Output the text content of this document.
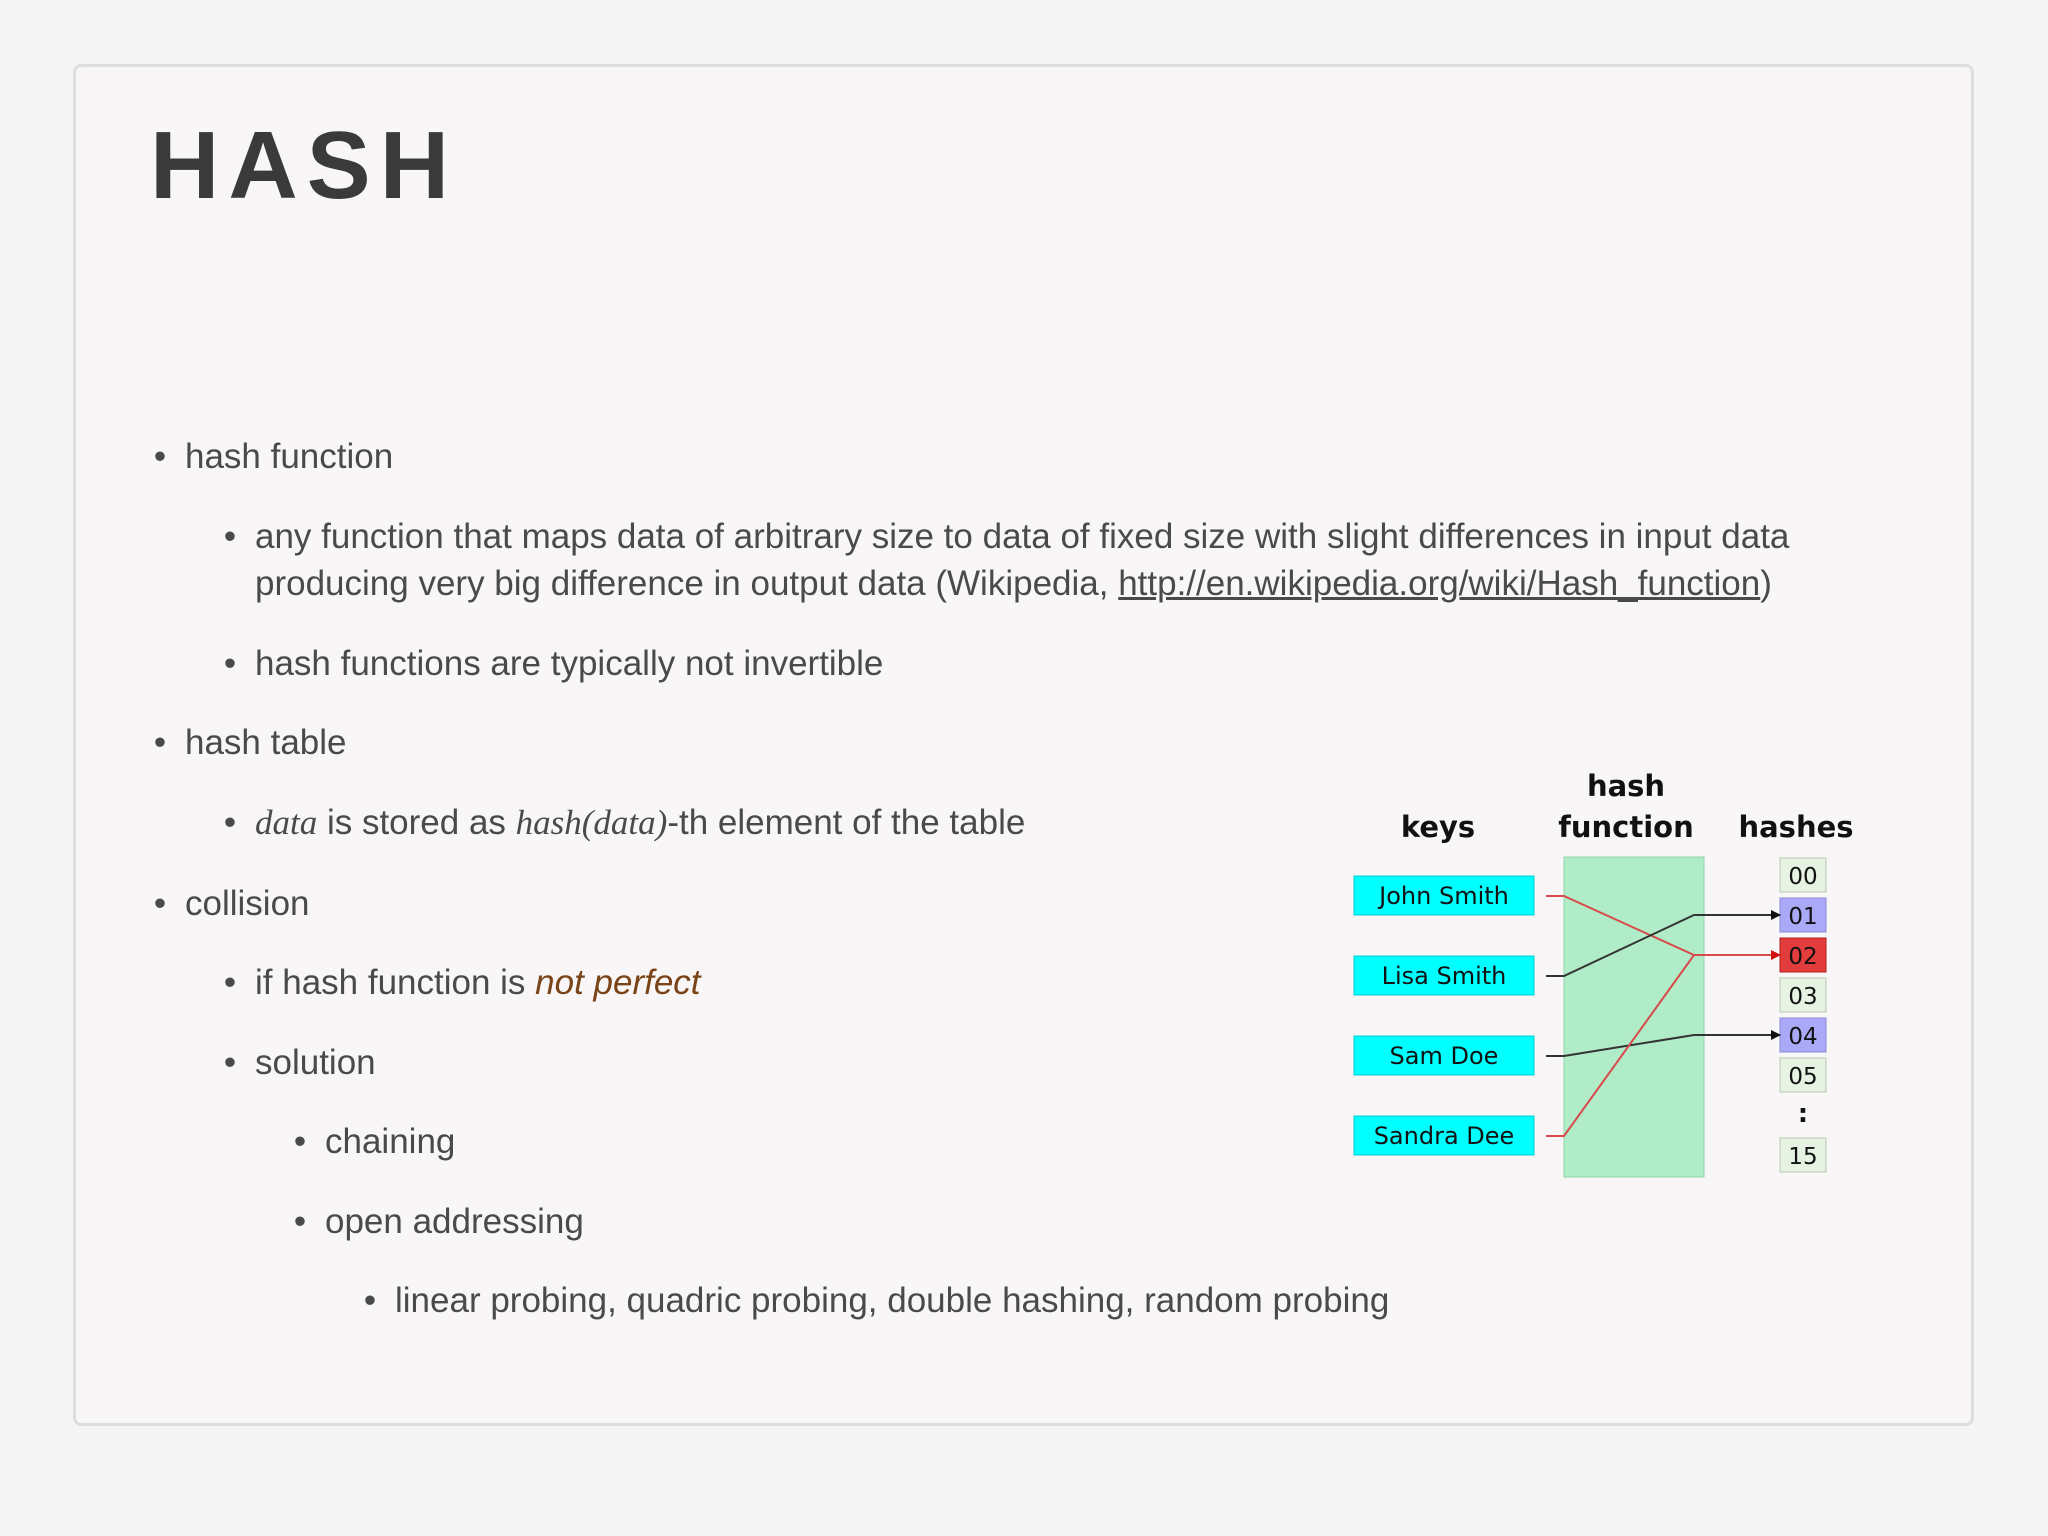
HASH
• hash function
• any function that maps data of arbitrary size to data of fixed size with slight differences in input data
producing very big difference in output data (Wikipedia, http://en.wikipedia.org/wiki/Hash_function)
• hash functions are typically not invertible
• hash table
• data is stored as hash(data)-th element of the table
• collision
• if hash function is not perfect
• solution
• chaining
• open addressing
• linear probing, quadric probing, double hashing, random probing
keys
hash
function hashes
John Smith
Lisa Smith
Sam Doe
Sandra Dee
00
01
02
03
04
05
:
15
